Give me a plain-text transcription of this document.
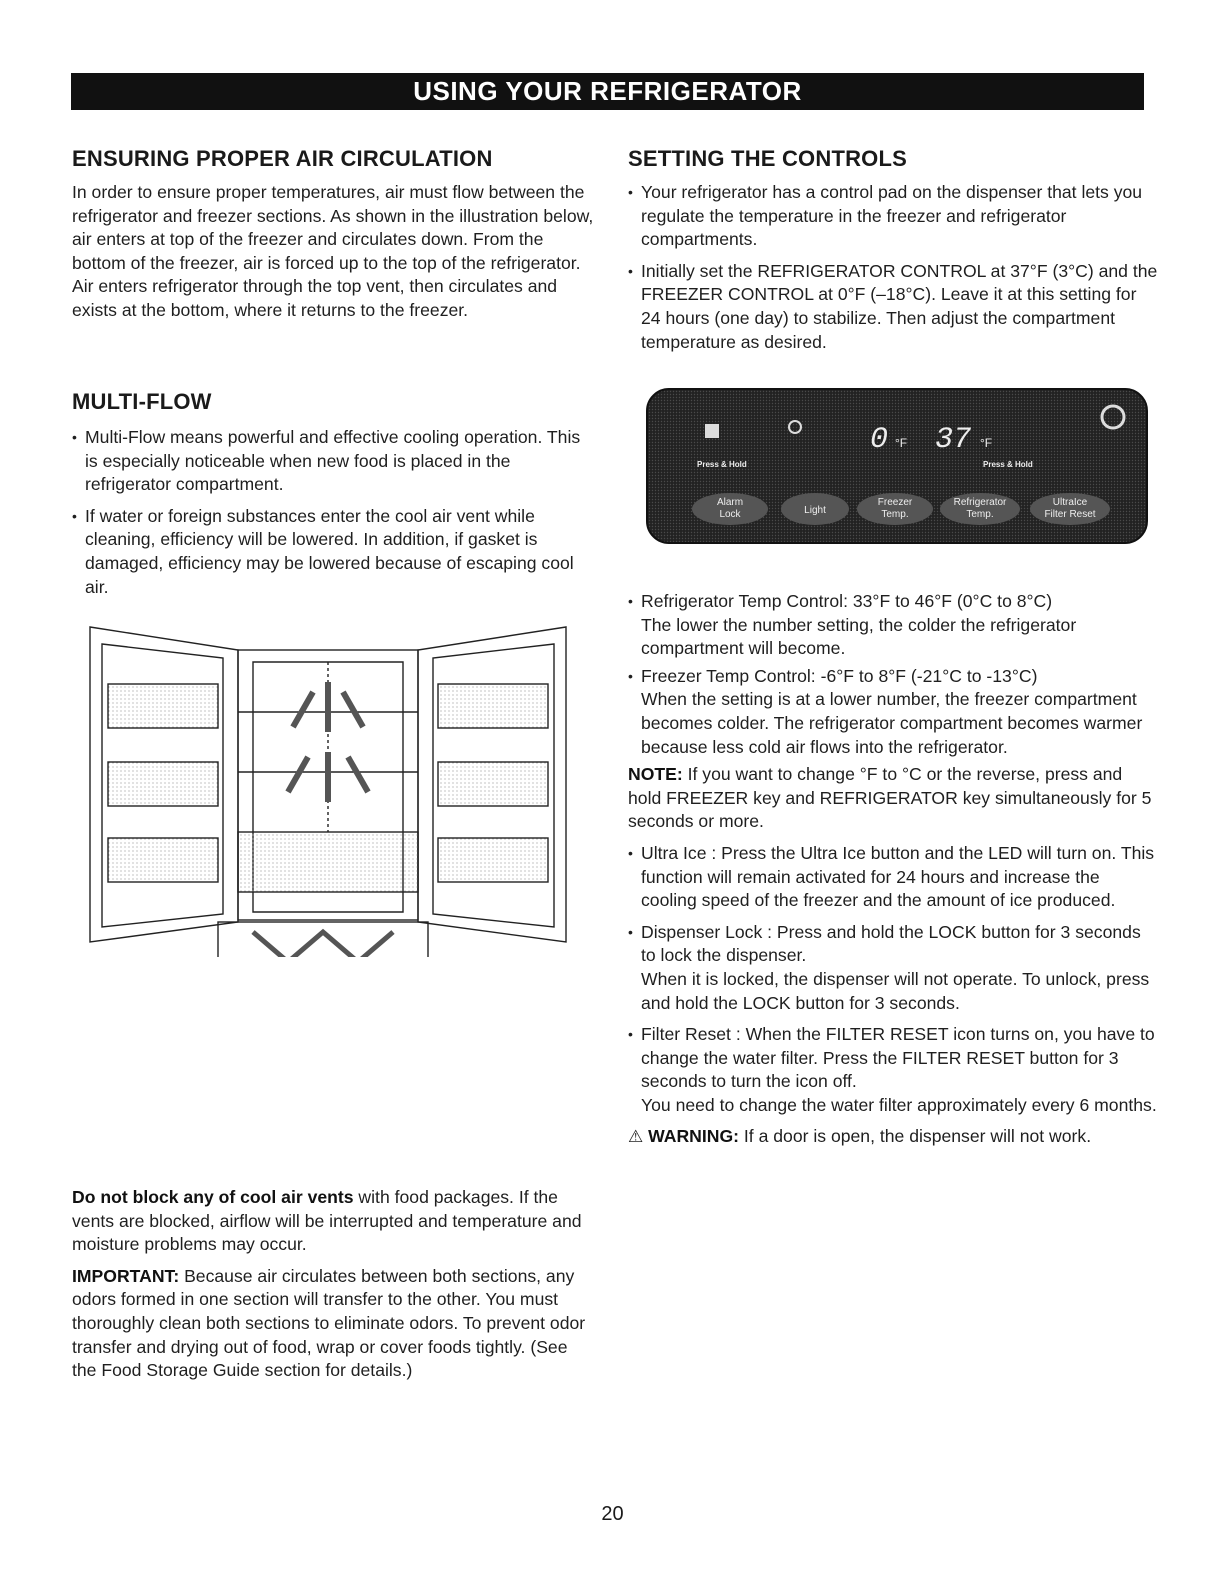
USING YOUR REFRIGERATOR
ENSURING PROPER AIR CIRCULATION

In order to ensure proper temperatures, air must flow between the refrigerator and freezer sections. As shown in the illustration below, air enters at top of the freezer and circulates down. From the bottom of the freezer, air is forced up to the top of the refrigerator. Air enters refrigerator through the top vent, then circulates and exists at the bottom, where it returns to the freezer.

MULTI-FLOW
• Multi-Flow means powerful and effective cooling operation. This is especially noticeable when new food is placed in the refrigerator compartment.
• If water or foreign substances enter the cool air vent while cleaning, efficiency will be lowered. In addition, if gasket is damaged, efficiency may be lowered because of escaping cool air.

Do not block any of cool air vents with food packages. If the vents are blocked, airflow will be interrupted and temperature and moisture problems may occur.

IMPORTANT: Because air circulates between both sections, any odors formed in one section will transfer to the other. You must thoroughly clean both sections to eliminate odors. To prevent odor transfer and drying out of food, wrap or cover foods tightly. (See the Food Storage Guide section for details.)

SETTING THE CONTROLS
• Your refrigerator has a control pad on the dispenser that lets you regulate the temperature in the freezer and refrigerator compartments.
• Initially set the REFRIGERATOR CONTROL at 37°F (3°C) and the FREEZER CONTROL at 0°F (–18°C). Leave it at this setting for 24 hours (one day) to stabilize. Then adjust the compartment temperature as desired.
• Refrigerator Temp Control: 33°F to 46°F (0°C to 8°C)
The lower the number setting, the colder the refrigerator compartment will become.
• Freezer Temp Control: -6°F to 8°F (-21°C to -13°C)
When the setting is at a lower number, the freezer compartment becomes colder. The refrigerator compartment becomes warmer because less cold air flows into the refrigerator.

NOTE: If you want to change °F to °C or the reverse, press and hold FREEZER key and REFRIGERATOR key simultaneously for 5 seconds or more.

• Ultra Ice : Press the Ultra Ice button and the LED will turn on. This function will remain activated for 24 hours and increase the cooling speed of the freezer and the amount of ice produced.
• Dispenser Lock : Press and hold the LOCK button for 3 seconds to lock the dispenser.
When it is locked, the dispenser will not operate. To unlock, press and hold the LOCK button for 3 seconds.
• Filter Reset : When the FILTER RESET icon turns on, you have to change the water filter. Press the FILTER RESET button for 3 seconds to turn the icon off.
You need to change the water filter approximately every 6 months.

⚠ WARNING: If a door is open, the dispenser will not work.

0 °F 37 °F
Press & Hold	Press & Hold
Alarm
Lock	Light
Freezer
Temp.
Refrigerator
Temp.
UltraIce
Filter Reset
20
